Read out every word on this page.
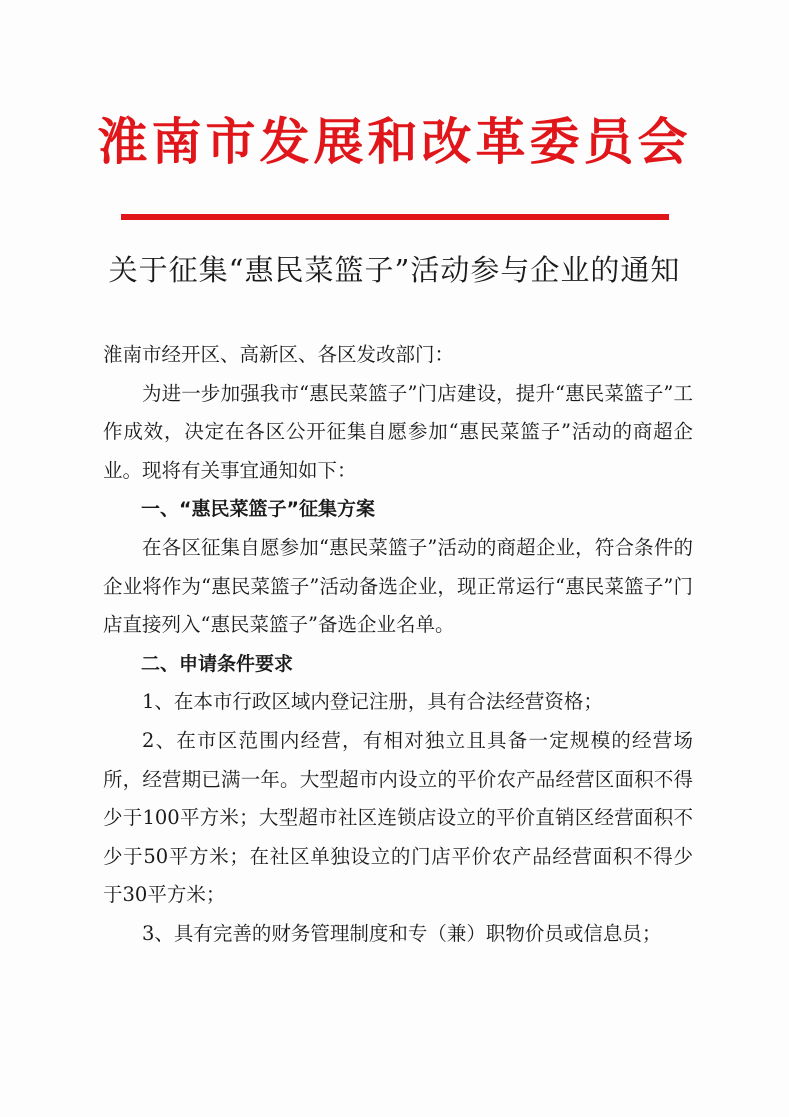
淮南市发展和改革委员会
关于征集“惠民菜篮子”活动参与企业的通知

淮南市经开区、高新区、各区发改部门：

为进一步加强我市“惠民菜篮子”门店建设，提升“惠民菜篮子”工作成效，决定在各区公开征集自愿参加“惠民菜篮子”活动的商超企业。现将有关事宜通知如下：

一、“惠民菜篮子”征集方案

在各区征集自愿参加“惠民菜篮子”活动的商超企业，符合条件的企业将作为“惠民菜篮子”活动备选企业，现正常运行“惠民菜篮子”门店直接列入“惠民菜篮子”备选企业名单。

二、申请条件要求

1、在本市行政区域内登记注册，具有合法经营资格；

2、在市区范围内经营，有相对独立且具备一定规模的经营场所，经营期已满一年。大型超市内设立的平价农产品经营区面积不得少于100平方米；大型超市社区连锁店设立的平价直销区经营面积不少于50平方米；在社区单独设立的门店平价农产品经营面积不得少于30平方米；

3、具有完善的财务管理制度和专（兼）职物价员或信息员；
